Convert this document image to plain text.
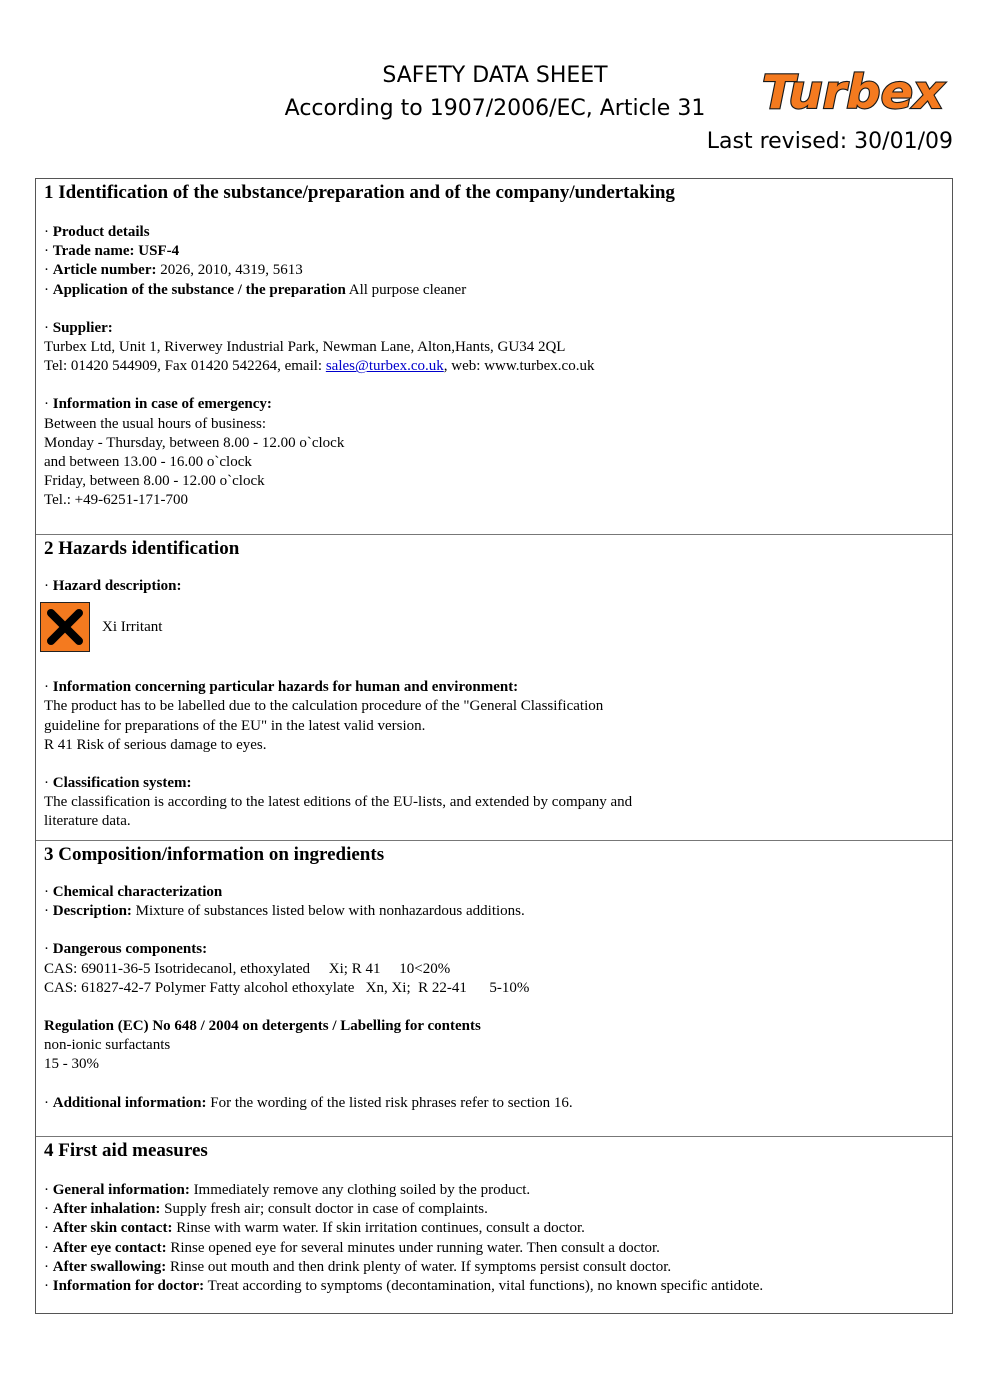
SAFETY DATA SHEET
According to 1907/2006/EC, Article 31	Turbex
Last revised: 30/01/09
1 Identification of the substance/preparation and of the company/undertaking
· Product details
· Trade name: USF-4
· Article number: 2026, 2010, 4319, 5613
· Application of the substance / the preparation All purpose cleaner
· Supplier:
Turbex Ltd, Unit 1, Riverwey Industrial Park, Newman Lane, Alton,Hants, GU34 2QL
Tel: 01420 544909, Fax 01420 542264, email: sales@turbex.co.uk, web: www.turbex.co.uk
· Information in case of emergency:
Between the usual hours of business:
Monday - Thursday, between 8.00 - 12.00 o`clock
and between 13.00 - 16.00 o`clock
Friday, between 8.00 - 12.00 o`clock
Tel.: +49-6251-171-700
2 Hazards identification
· Hazard description:
Xi Irritant
· Information concerning particular hazards for human and environment:
The product has to be labelled due to the calculation procedure of the "General Classification
guideline for preparations of the EU" in the latest valid version.
R 41 Risk of serious damage to eyes.
· Classification system:
The classification is according to the latest editions of the EU-lists, and extended by company and
literature data.
3 Composition/information on ingredients
· Chemical characterization
· Description: Mixture of substances listed below with nonhazardous additions.
· Dangerous components:
CAS: 69011-36-5 Isotridecanol, ethoxylated     Xi; R 41     10<20%
CAS: 61827-42-7 Polymer Fatty alcohol ethoxylate   Xn, Xi;  R 22-41      5-10%
Regulation (EC) No 648 / 2004 on detergents / Labelling for contents
non-ionic surfactants
15 - 30%
· Additional information: For the wording of the listed risk phrases refer to section 16.
4 First aid measures
· General information: Immediately remove any clothing soiled by the product.
· After inhalation: Supply fresh air; consult doctor in case of complaints.
· After skin contact: Rinse with warm water. If skin irritation continues, consult a doctor.
· After eye contact: Rinse opened eye for several minutes under running water. Then consult a doctor.
· After swallowing: Rinse out mouth and then drink plenty of water. If symptoms persist consult doctor.
· Information for doctor: Treat according to symptoms (decontamination, vital functions), no known specific antidote.
